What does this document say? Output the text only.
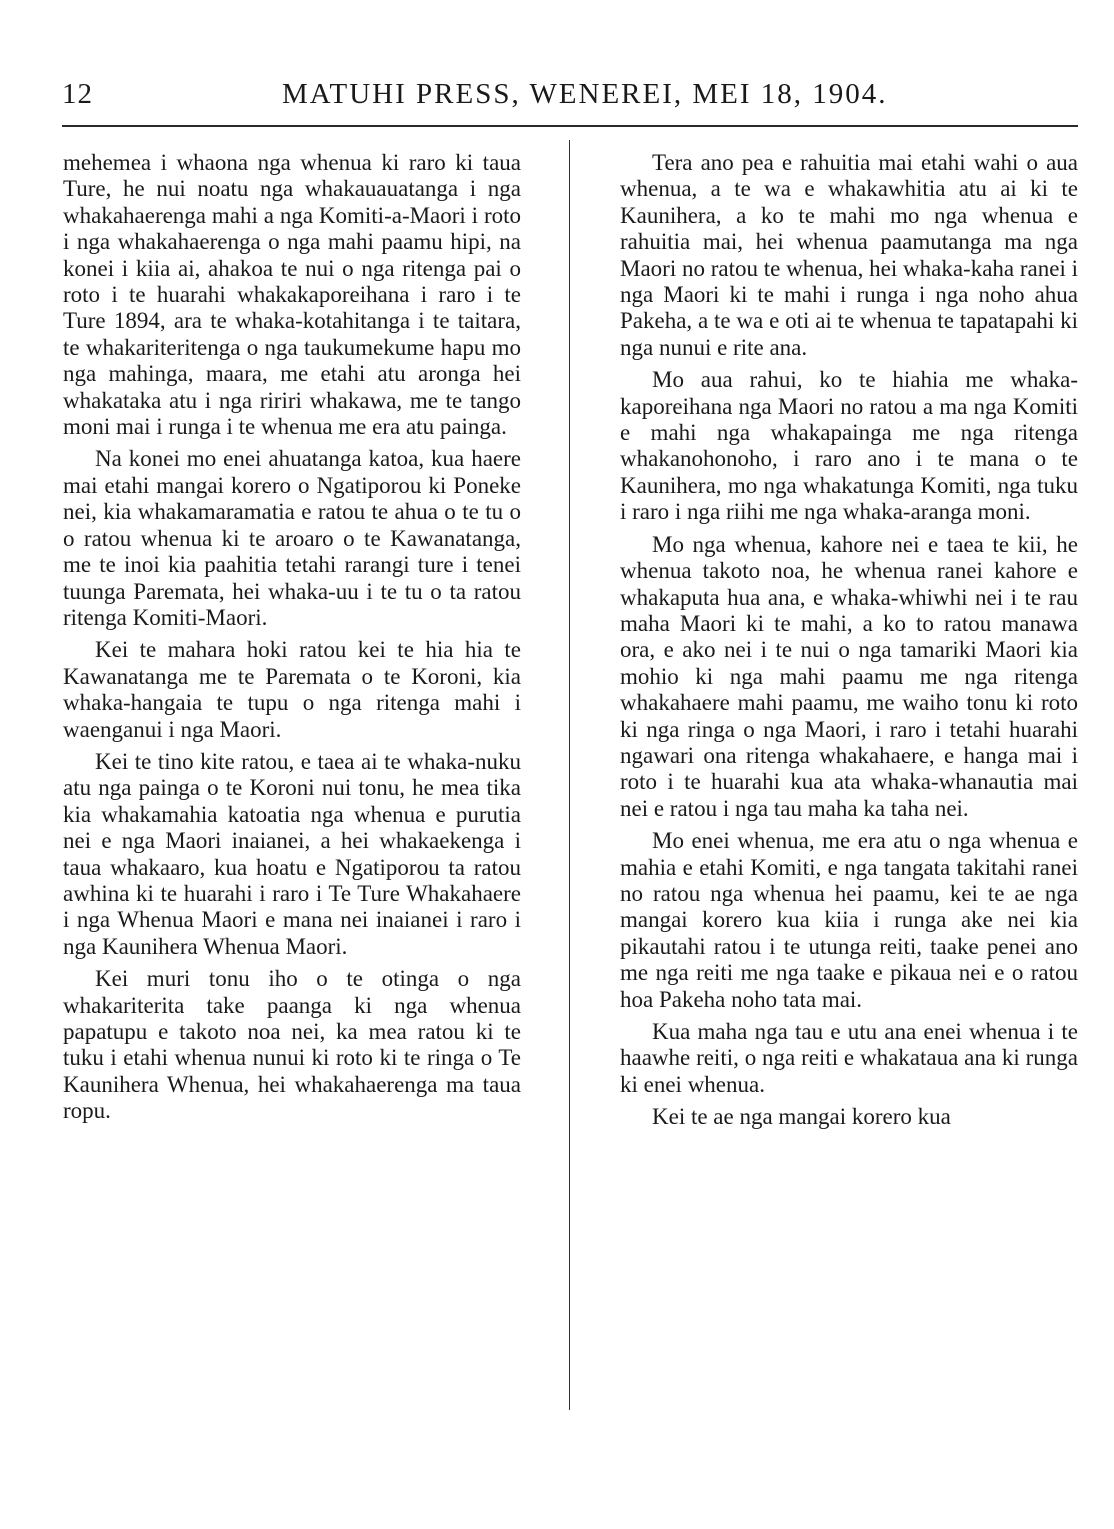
12	MATUHI PRESS, WENEREI, MEI 18, 1904.

mehemea i whaona nga whenua ki raro ki taua Ture, he nui noatu nga whakauauatanga i nga whakahaerenga mahi a nga Komiti-a-Maori i roto i nga whakahaerenga o nga mahi paamu hipi, na konei i kiia ai, ahakoa te nui o nga ritenga pai o roto i te huarahi whakakaporeihana i raro i te Ture 1894, ara te whaka-kotahitanga i te taitara, te whakariteritenga o nga taukumekume hapu mo nga mahinga, maara, me etahi atu aronga hei whakataka atu i nga ririri whakawa, me te tango moni mai i runga i te whenua me era atu painga.

Na konei mo enei ahuatanga katoa, kua haere mai etahi mangai korero o Ngatiporou ki Poneke nei, kia whakamaramatia e ratou te ahua o te tu o o ratou whenua ki te aroaro o te Kawanatanga, me te inoi kia paahitia tetahi rarangi ture i tenei tuunga Paremata, hei whaka-uu i te tu o ta ratou ritenga Komiti-Maori.

Kei te mahara hoki ratou kei te hia hia te Kawanatanga me te Paremata o te Koroni, kia whaka-hangaia te tupu o nga ritenga mahi i waenganui i nga Maori.

Kei te tino kite ratou, e taea ai te whaka-nuku atu nga painga o te Koroni nui tonu, he mea tika kia whakamahia katoatia nga whenua e purutia nei e nga Maori inaianei, a hei whakaekenga i taua whakaaro, kua hoatu e Ngatiporou ta ratou awhina ki te huarahi i raro i Te Ture Whakahaere i nga Whenua Maori e mana nei inaianei i raro i nga Kaunihera Whenua Maori.

Kei muri tonu iho o te otinga o nga whakariterita take paanga ki nga whenua papatupu e takoto noa nei, ka mea ratou ki te tuku i etahi whenua nunui ki roto ki te ringa o Te Kaunihera Whenua, hei whakahaerenga ma taua ropu.

Tera ano pea e rahuitia mai etahi wahi o aua whenua, a te wa e whakawhitia atu ai ki te Kaunihera, a ko te mahi mo nga whenua e rahuitia mai, hei whenua paamutanga ma nga Maori no ratou te whenua, hei whaka-kaha ranei i nga Maori ki te mahi i runga i nga noho ahua Pakeha, a te wa e oti ai te whenua te tapatapahi ki nga nunui e rite ana.

Mo aua rahui, ko te hiahia me whaka-kaporeihana nga Maori no ratou a ma nga Komiti e mahi nga whakapainga me nga ritenga whakanohonoho, i raro ano i te mana o te Kaunihera, mo nga whakatunga Komiti, nga tuku i raro i nga riihi me nga whaka-aranga moni.

Mo nga whenua, kahore nei e taea te kii, he whenua takoto noa, he whenua ranei kahore e whakaputa hua ana, e whaka-whiwhi nei i te rau maha Maori ki te mahi, a ko to ratou manawa ora, e ako nei i te nui o nga tamariki Maori kia mohio ki nga mahi paamu me nga ritenga whakahaere mahi paamu, me waiho tonu ki roto ki nga ringa o nga Maori, i raro i tetahi huarahi ngawari ona ritenga whakahaere, e hanga mai i roto i te huarahi kua ata whaka-whanautia mai nei e ratou i nga tau maha ka taha nei.

Mo enei whenua, me era atu o nga whenua e mahia e etahi Komiti, e nga tangata takitahi ranei no ratou nga whenua hei paamu, kei te ae nga mangai korero kua kiia i runga ake nei kia pikautahi ratou i te utunga reiti, taake penei ano me nga reiti me nga taake e pikaua nei e o ratou hoa Pakeha noho tata mai.

Kua maha nga tau e utu ana enei whenua i te haawhe reiti, o nga reiti e whakataua ana ki runga ki enei whenua.

Kei te ae nga mangai korero kua
